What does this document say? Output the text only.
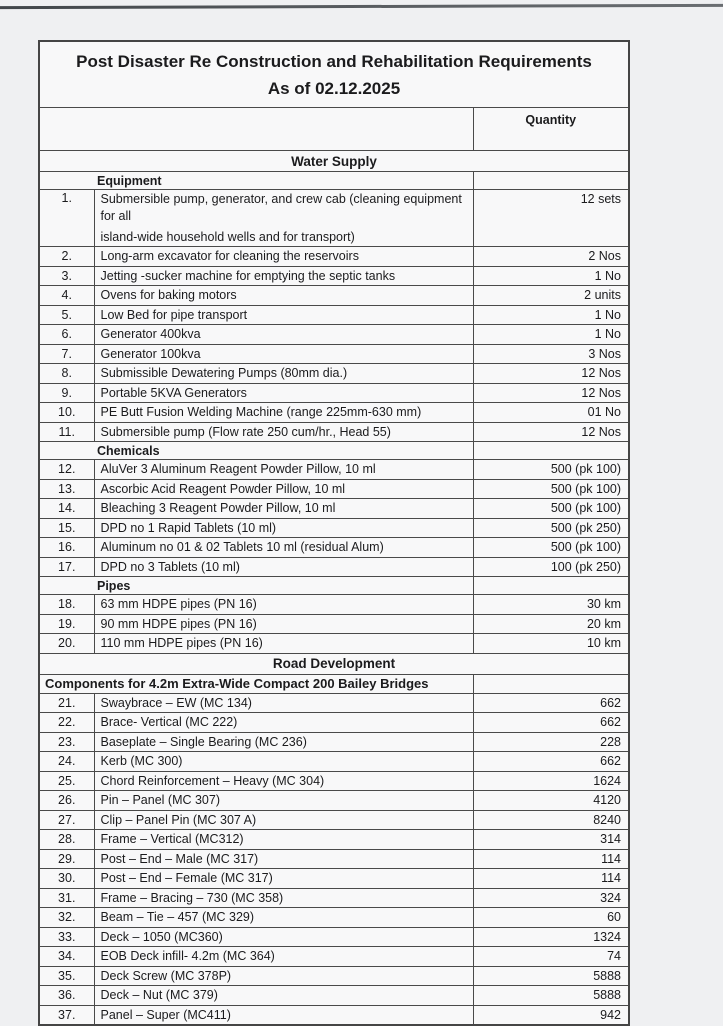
Post Disaster Re Construction and Rehabilitation Requirements
As of 02.12.2025		

		Quantity
Water Supply		
Equipment		
1.	Submersible pump, generator, and crew cab (cleaning equipment for all
island-wide household wells and for transport)	12 sets
2.	Long-arm excavator for cleaning the reservoirs	2 Nos
3.	Jetting -sucker machine for emptying the septic tanks	1 No
4.	Ovens for baking motors	2 units
5.	Low Bed for pipe transport	1 No
6.	Generator 400kva	1 No
7.	Generator 100kva	3 Nos
8.	Submissible Dewatering Pumps (80mm dia.)	12 Nos
9.	Portable 5KVA Generators	12 Nos
10.	PE Butt Fusion Welding Machine (range 225mm-630 mm)	01 No
11.	Submersible pump (Flow rate 250 cum/hr., Head 55)	12 Nos
Chemicals		
12.	AluVer 3 Aluminum Reagent Powder Pillow, 10 ml	500 (pk 100)
13.	Ascorbic Acid Reagent Powder Pillow, 10 ml	500 (pk 100)
14.	Bleaching 3 Reagent Powder Pillow, 10 ml	500 (pk 100)
15.	DPD no 1 Rapid Tablets (10 ml)	500 (pk 250)
16.	Aluminum no 01 & 02 Tablets 10 ml (residual Alum)	500 (pk 100)
17.	DPD no 3 Tablets (10 ml)	100 (pk 250)
Pipes		
18.	63 mm HDPE pipes (PN 16)	30 km
19.	90 mm HDPE pipes (PN 16)	20 km
20.	110 mm HDPE pipes (PN 16)	10 km
Road Development		
Components for 4.2m Extra-Wide Compact 200 Bailey Bridges		
21.	Swaybrace – EW (MC 134)	662
22.	Brace- Vertical (MC 222)	662
23.	Baseplate – Single Bearing (MC 236)	228
24.	Kerb (MC 300)	662
25.	Chord Reinforcement – Heavy (MC 304)	1624
26.	Pin – Panel (MC 307)	4120
27.	Clip – Panel Pin (MC 307 A)	8240
28.	Frame – Vertical (MC312)	314
29.	Post – End – Male (MC 317)	114
30.	Post – End – Female (MC 317)	114
31.	Frame – Bracing – 730 (MC 358)	324
32.	Beam – Tie – 457 (MC 329)	60
33.	Deck – 1050 (MC360)	1324
34.	EOB Deck infill- 4.2m (MC 364)	74
35.	Deck Screw (MC 378P)	5888
36.	Deck – Nut (MC 379)	5888
37.	Panel – Super (MC411)	942
